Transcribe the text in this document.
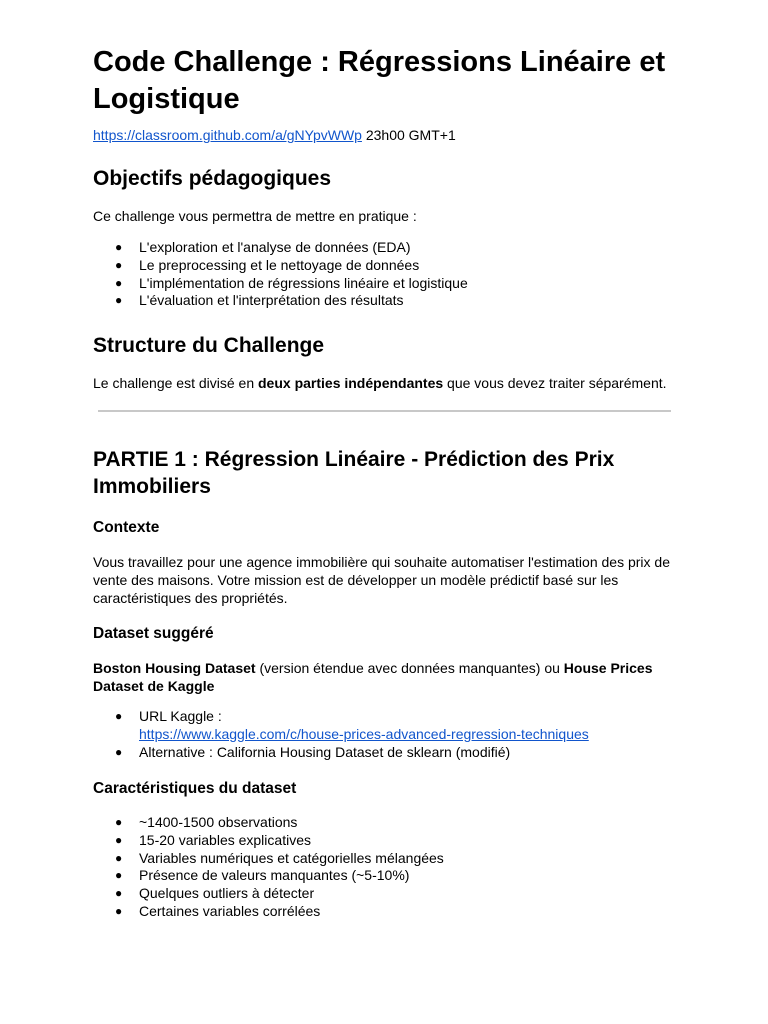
Code Challenge : Régressions Linéaire et Logistique
https://classroom.github.com/a/gNYpvWWp 23h00 GMT+1
Objectifs pédagogiques

Ce challenge vous permettra de mettre en pratique :

● L'exploration et l'analyse de données (EDA)
● Le preprocessing et le nettoyage de données
● L'implémentation de régressions linéaire et logistique
● L'évaluation et l'interprétation des résultats
Structure du Challenge

Le challenge est divisé en deux parties indépendantes que vous devez traiter séparément.

PARTIE 1 : Régression Linéaire - Prédiction des Prix Immobiliers
Contexte

Vous travaillez pour une agence immobilière qui souhaite automatiser l'estimation des prix de vente des maisons. Votre mission est de développer un modèle prédictif basé sur les caractéristiques des propriétés.

Dataset suggéré

Boston Housing Dataset (version étendue avec données manquantes) ou House Prices Dataset de Kaggle

● URL Kaggle :
https://www.kaggle.com/c/house-prices-advanced-regression-techniques
● Alternative : California Housing Dataset de sklearn (modifié)
Caractéristiques du dataset
● ~1400-1500 observations
● 15-20 variables explicatives
● Variables numériques et catégorielles mélangées
● Présence de valeurs manquantes (~5-10%)
● Quelques outliers à détecter
● Certaines variables corrélées
